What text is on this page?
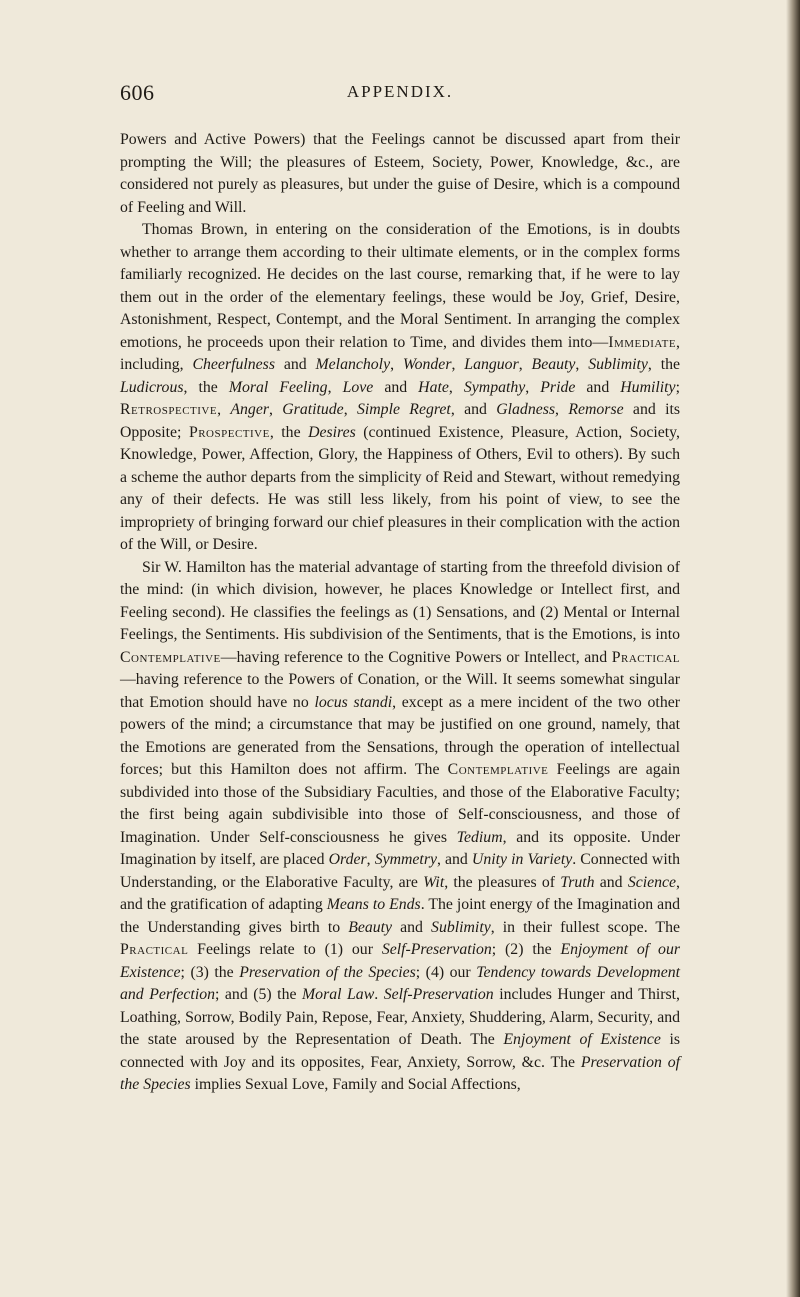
606	APPENDIX.

Powers and Active Powers) that the Feelings cannot be discussed apart from their prompting the Will; the pleasures of Esteem, Society, Power, Knowledge, &c., are considered not purely as pleasures, but under the guise of Desire, which is a compound of Feeling and Will.

Thomas Brown, in entering on the consideration of the Emotions, is in doubts whether to arrange them according to their ultimate elements, or in the complex forms familiarly recognized. He decides on the last course, remarking that, if he were to lay them out in the order of the elementary feelings, these would be Joy, Grief, Desire, Astonishment, Respect, Contempt, and the Moral Sentiment. In arranging the complex emotions, he proceeds upon their relation to Time, and divides them into—Immediate, including, Cheerfulness and Melancholy, Wonder, Languor, Beauty, Sublimity, the Ludicrous, the Moral Feeling, Love and Hate, Sympathy, Pride and Humility; Retrospective, Anger, Gratitude, Simple Regret, and Gladness, Remorse and its Opposite; Prospective, the Desires (continued Existence, Pleasure, Action, Society, Knowledge, Power, Affection, Glory, the Happiness of Others, Evil to others). By such a scheme the author departs from the simplicity of Reid and Stewart, without remedying any of their defects. He was still less likely, from his point of view, to see the impropriety of bringing forward our chief pleasures in their complication with the action of the Will, or Desire.

Sir W. Hamilton has the material advantage of starting from the threefold division of the mind: (in which division, however, he places Knowledge or Intellect first, and Feeling second). He classifies the feelings as (1) Sensations, and (2) Mental or Internal Feelings, the Sentiments. His subdivision of the Sentiments, that is the Emotions, is into Contemplative—having reference to the Cognitive Powers or Intellect, and Practical—having reference to the Powers of Conation, or the Will. It seems somewhat singular that Emotion should have no locus standi, except as a mere incident of the two other powers of the mind; a circumstance that may be justified on one ground, namely, that the Emotions are generated from the Sensations, through the operation of intellectual forces; but this Hamilton does not affirm. The Contemplative Feelings are again subdivided into those of the Subsidiary Faculties, and those of the Elaborative Faculty; the first being again subdivisible into those of Self-consciousness, and those of Imagination. Under Self-consciousness he gives Tedium, and its opposite. Under Imagination by itself, are placed Order, Symmetry, and Unity in Variety. Connected with Understanding, or the Elaborative Faculty, are Wit, the pleasures of Truth and Science, and the gratification of adapting Means to Ends. The joint energy of the Imagination and the Understanding gives birth to Beauty and Sublimity, in their fullest scope. The Practical Feelings relate to (1) our Self-Preservation; (2) the Enjoyment of our Existence; (3) the Preservation of the Species; (4) our Tendency towards Development and Perfection; and (5) the Moral Law. Self-Preservation includes Hunger and Thirst, Loathing, Sorrow, Bodily Pain, Repose, Fear, Anxiety, Shuddering, Alarm, Security, and the state aroused by the Representation of Death. The Enjoyment of Existence is connected with Joy and its opposites, Fear, Anxiety, Sorrow, &c. The Preservation of the Species implies Sexual Love, Family and Social Affections,
